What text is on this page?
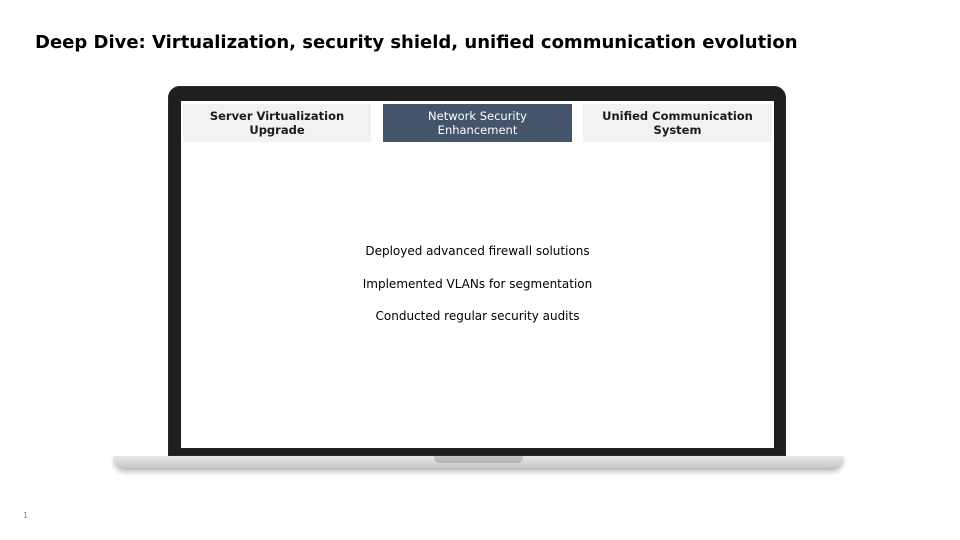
Deep Dive: Virtualization, security shield, unified communication evolution
Server Virtualization Upgrade
Network Security Enhancement
Unified Communication System
Deployed advanced firewall solutions
Implemented VLANs for segmentation
Conducted regular security audits
1
